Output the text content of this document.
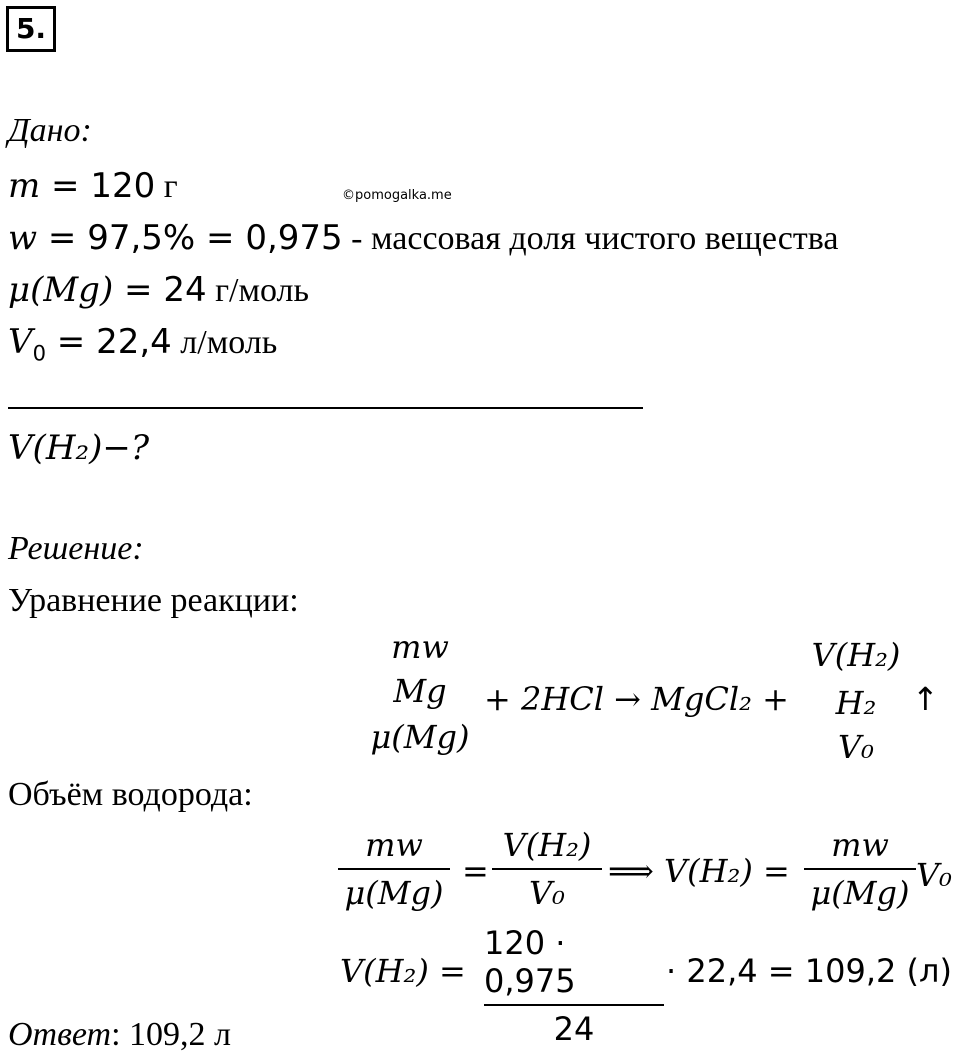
5.
©pomogalka.me
Дано:
m = 120 г
w = 97,5% = 0,975 - массовая доля чистого вещества
μ(Mg) = 24 г/моль
$V_0 = 22,4$ л/моль
V(H₂)−?
Решение:
Уравнение реакции:
mw
Mg
μ(Mg)
+ 2HCl → MgCl₂ +
V(H₂)
H₂
V₀
↑
Объём водорода:
mw
μ(Mg)
=
V(H₂)
V₀
⟹ V(H₂) =
mw
μ(Mg) V₀
V(H₂) =
120 · 0,975
24
· 22,4 = 109,2 (л)
Ответ: 109,2 л
